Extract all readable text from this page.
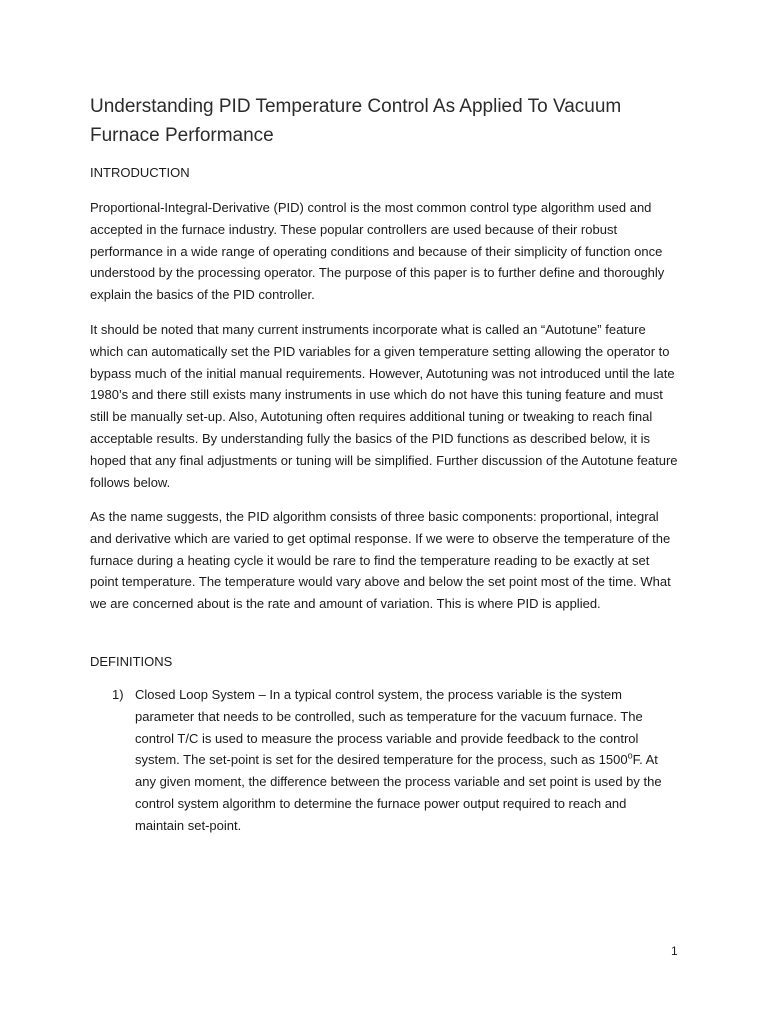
Understanding PID Temperature Control As Applied To Vacuum Furnace Performance

INTRODUCTION

Proportional-Integral-Derivative (PID) control is the most common control type algorithm used and accepted in the furnace industry. These popular controllers are used because of their robust performance in a wide range of operating conditions and because of their simplicity of function once understood by the processing operator. The purpose of this paper is to further define and thoroughly explain the basics of the PID controller.

It should be noted that many current instruments incorporate what is called an “Autotune” feature which can automatically set the PID variables for a given temperature setting allowing the operator to bypass much of the initial manual requirements. However, Autotuning was not introduced until the late 1980’s and there still exists many instruments in use which do not have this tuning feature and must still be manually set-up. Also, Autotuning often requires additional tuning or tweaking to reach final acceptable results. By understanding fully the basics of the PID functions as described below, it is hoped that any final adjustments or tuning will be simplified. Further discussion of the Autotune feature follows below.

As the name suggests, the PID algorithm consists of three basic components: proportional, integral and derivative which are varied to get optimal response. If we were to observe the temperature of the furnace during a heating cycle it would be rare to find the temperature reading to be exactly at set point temperature. The temperature would vary above and below the set point most of the time. What we are concerned about is the rate and amount of variation. This is where PID is applied.

DEFINITIONS

1) Closed Loop System – In a typical control system, the process variable is the system parameter that needs to be controlled, such as temperature for the vacuum furnace. The control T/C is used to measure the process variable and provide feedback to the control system. The set-point is set for the desired temperature for the process, such as 1500$^o$F. At any given moment, the difference between the process variable and set point is used by the control system algorithm to determine the furnace power output required to reach and maintain set-point.
1
